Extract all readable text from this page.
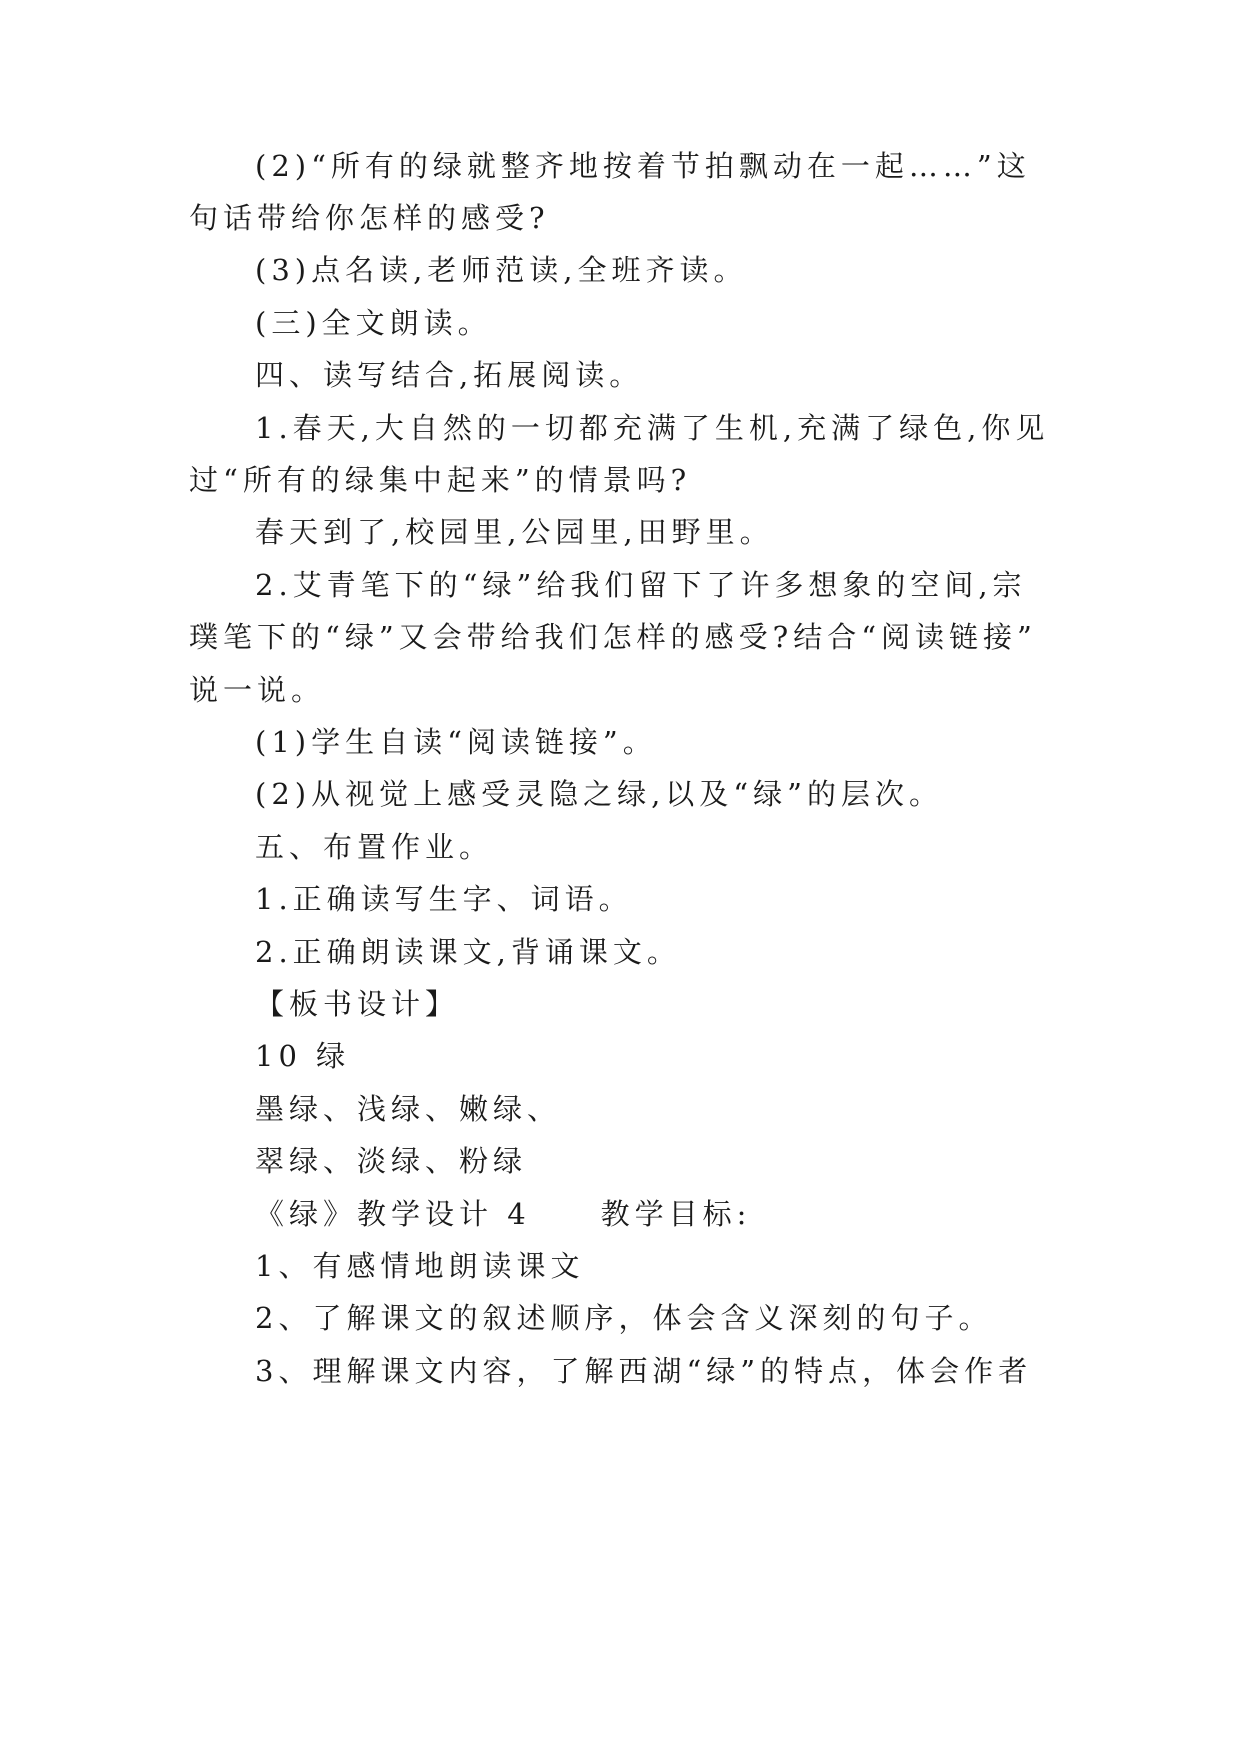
(2)“所有的绿就整齐地按着节拍飘动在一起……”这
句话带给你怎样的感受?
(3)点名读,老师范读,全班齐读。
(三)全文朗读。
四、读写结合,拓展阅读。
1.春天,大自然的一切都充满了生机,充满了绿色,你见
过“所有的绿集中起来”的情景吗?
春天到了,校园里,公园里,田野里。
2.艾青笔下的“绿”给我们留下了许多想象的空间,宗
璞笔下的“绿”又会带给我们怎样的感受?结合“阅读链接”
说一说。
(1)学生自读“阅读链接”。
(2)从视觉上感受灵隐之绿,以及“绿”的层次。
五、布置作业。
1.正确读写生字、词语。
2.正确朗读课文,背诵课文。
【板书设计】
10 绿
墨绿、浅绿、嫩绿、
翠绿、淡绿、粉绿
《绿》教学设计 4 教学目标:
1、有感情地朗读课文
2、了解课文的叙述顺序，体会含义深刻的句子。
3、理解课文内容，了解西湖“绿”的特点，体会作者
